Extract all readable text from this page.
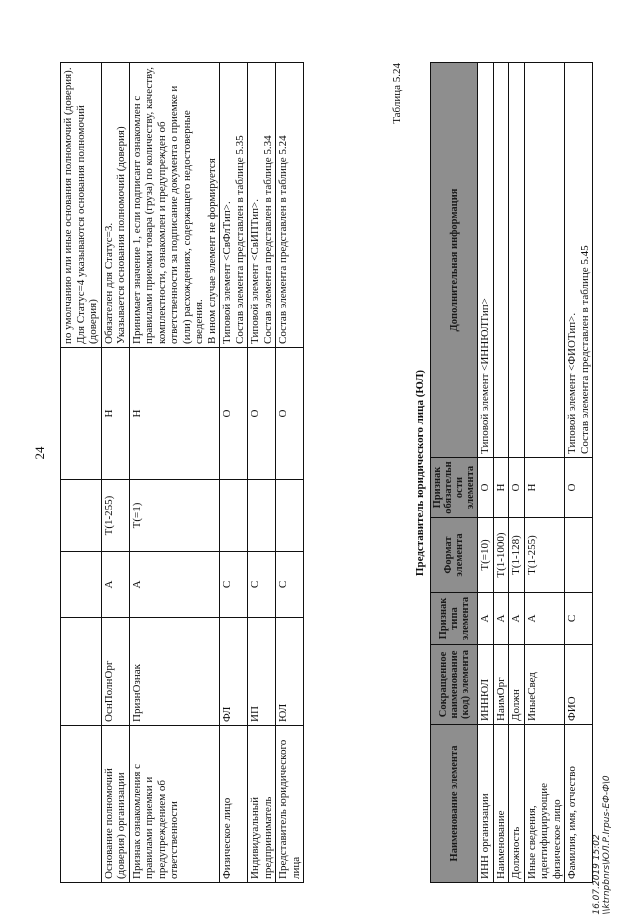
24
16.07.2019 15:02 \\ktrnpbnrs\ЮЛ.Р.Irpus-ЕФ-Ф\0
					по умолчанию или иные основания полномочий (доверия).
Для Статус=4 указываются основания полномочий (доверия)
Основание полномочий (доверия) организации	ОснПолнОрг	А	T(1-255)	Н	Обязателен для Статус=3.
Указывается основания полномочий (доверия)
Признак ознакомления с правилами приемки и предупреждением об ответственности	ПризнОзнак	А	T(=1)	Н	Принимает значение 1, если подписант ознакомлен с правилами приемки товара (груза) по количеству, качеству, комплектности, ознакомлен и предупрежден об ответственности за подписание документа о приемке и (или) расхождениях, содержащего недостоверные сведения.
В ином случае элемент не формируется
Физическое лицо	ФЛ	С		О	Типовой элемент <СвФлТип>.
Состав элемента представлен в таблице 5.35
Индивидуальный предприниматель	ИП	С		О	Типовой элемент <СвИПТип>.
Состав элемента представлен в таблице 5.34
Представитель юридического лица	ЮЛ	С		О	Состав элемента представлен в таблице 5.24
Таблица 5.24
Представитель юридического лица (ЮЛ)
Наименование элемента	Сокращенное наименование (код) элемента	Признак типа элемента	Формат элемента	Признак обязательности элемента	Дополнительная информация
ИНН организации	ИННЮЛ	А	T(=10)	О	Типовой элемент <ИННЮЛТип>
Наименование	НаимОрг	А	T(1-1000)	Н	
Должность	Должн	А	T(1-128)	О	
Иные сведения, идентифицирующие физическое лицо	ИныеСвед	А	T(1-255)	Н	
Фамилия, имя, отчество	ФИО	С		О	Типовой элемент <ФИОТип>.
Состав элемента представлен в таблице 5.45
